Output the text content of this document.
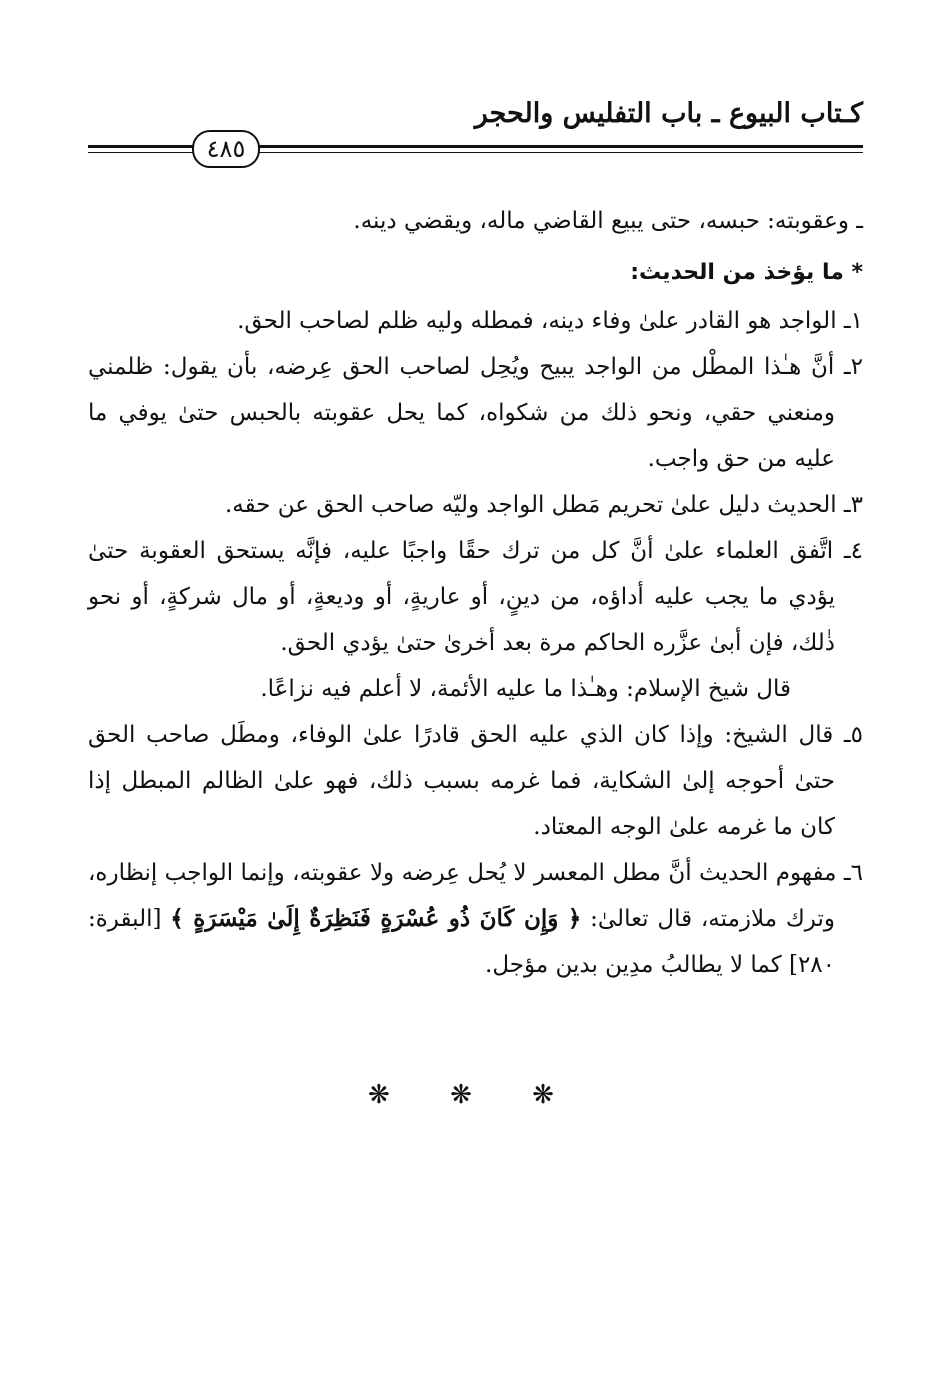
كـتاب البيوع ـ باب التفليس والحجر
٤٨٥

ـ وعقوبته: حبسه، حتى يبيع القاضي ماله، ويقضي دينه.

* ما يؤخذ من الحديث:

١ـ الواجد هو القادر علىٰ وفاء دينه، فمطله وليه ظلم لصاحب الحق.

٢ـ أنَّ هـٰذا المطْل من الواجد يبيح ويُحِل لصاحب الحق عِرضه، بأن يقول: ظلمني ومنعني حقي، ونحو ذلك من شكواه، كما يحل عقوبته بالحبس حتىٰ يوفي ما عليه من حق واجب.

٣ـ الحديث دليل علىٰ تحريم مَطل الواجد وليّه صاحب الحق عن حقه.

٤ـ اتَّفق العلماء علىٰ أنَّ كل من ترك حقًا واجبًا عليه، فإنَّه يستحق العقوبة حتىٰ يؤدي ما يجب عليه أداؤه، من دينٍ، أو عاريةٍ، أو وديعةٍ، أو مال شركةٍ، أو نحو ذٰلك، فإن أبىٰ عزَّره الحاكم مرة بعد أخرىٰ حتىٰ يؤدي الحق.

قال شيخ الإسلام: وهـٰذا ما عليه الأئمة، لا أعلم فيه نزاعًا.

٥ـ قال الشيخ: وإذا كان الذي عليه الحق قادرًا علىٰ الوفاء، ومطَل صاحب الحق حتىٰ أحوجه إلىٰ الشكاية، فما غرمه بسبب ذلك، فهو علىٰ الظالم المبطل إذا كان ما غرمه علىٰ الوجه المعتاد.

٦ـ مفهوم الحديث أنَّ مطل المعسر لا يُحل عِرضه ولا عقوبته، وإنما الواجب إنظاره، وترك ملازمته، قال تعالىٰ: ﴿ وَإِن كَانَ ذُو عُسْرَةٍ فَنَظِرَةٌ إِلَىٰ مَيْسَرَةٍ ﴾ [البقرة: ٢٨٠] كما لا يطالبُ مدِين بدين مؤجل.

❋ ❋ ❋
